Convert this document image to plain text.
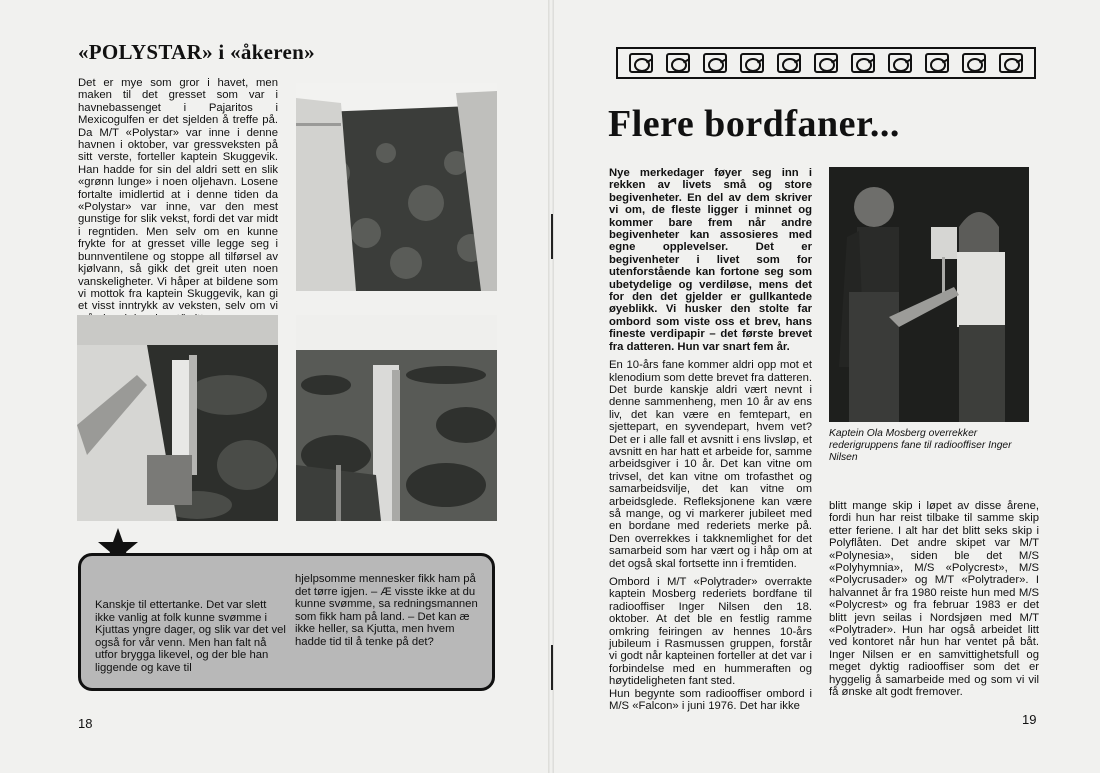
«POLYSTAR» i «åkeren»
Det er mye som gror i havet, men maken til det gresset som var i havnebassenget i Pajaritos i Mexicogulfen er det sjelden å treffe på. Da M/T «Polystar» var inne i denne havnen i oktober, var gressveksten på sitt verste, forteller kaptein Skuggevik. Han hadde for sin del aldri sett en slik «grønn lunge» i noen oljehavn. Losene fortalte imidlertid at i denne tiden da «Polystar» var inne, var den mest gunstige for slik vekst, fordi det var midt i regntiden. Men selv om en kunne frykte for at gresset ville legge seg i bunnventilene og stoppe all tilførsel av kjølvann, så gikk det greit uten noen vanskeligheter. Vi håper at bildene som vi mottok fra kaptein Skuggevik, kan gi et visst inntrykk av veksten, selv om vi
Kanskje til ettertanke. Det var slett ikke vanlig at folk kunne svømme i Kjuttas yngre dager, og slik var det vel også for vår venn. Men han falt nå utfor brygga likevel, og der ble han liggende og kave til
hjelpsomme mennesker fikk ham på det tørre igjen. – Æ visste ikke at du kunne svømme, sa redningsmannen som fikk ham på land. – Det kan æ ikke heller, sa Kjutta, men hvem hadde tid til å tenke på det?
18
Flere bordfaner...

Nye merkedager føyer seg inn i rekken av livets små og store begivenheter. En del av dem skriver vi om, de fleste ligger i minnet og kommer bare frem når andre begivenheter kan assosieres med egne opplevelser. Det er begivenheter i livet som for utenforstående kan fortone seg som ubetydelige og verdiløse, mens det for den det gjelder er gullkantede øyeblikk. Vi husker den stolte far ombord som viste oss et brev, hans fineste verdipapir – det første brevet fra datteren. Hun var snart fem år.

En 10-års fane kommer aldri opp mot et klenodium som dette brevet fra datteren. Det burde kanskje aldri vært nevnt i denne sammenheng, men 10 år av ens liv, det kan være en femtepart, en sjettepart, en syvendepart, hvem vet? Det er i alle fall et avsnitt i ens livsløp, et avsnitt en har hatt et arbeide for, samme arbeidsgiver i 10 år. Det kan vitne om trivsel, det kan vitne om trofasthet og samarbeidsvilje, det kan vitne om arbeidsglede. Refleksjonene kan være så mange, og vi markerer jubileet med en bordane med rederiets merke på. Den overrekkes i takknemlighet for det samarbeid som har vært og i håp om at det også skal fortsette inn i fremtiden.

Ombord i M/T «Polytrader» overrakte kaptein Mosberg rederiets bordfane til radiooffiser Inger Nilsen den 18. oktober. At det ble en festlig ramme omkring feiringen av hennes 10-års jubileum i Rasmussen gruppen, forstår vi godt når kapteinen forteller at det var i forbindelse med en hummeraften og høytideligheten fant sted.

Hun begynte som radiooffiser ombord i M/S «Falcon» i juni 1976. Det har ikke

Kaptein Ola Mosberg overrekker rederigruppens fane til radiooffiser Inger Nilsen
blitt mange skip i løpet av disse årene, fordi hun har reist tilbake til samme skip etter feriene. I alt har det blitt seks skip i Polyflåten. Det andre skipet var M/T «Polynesia», siden ble det M/S «Polyhymnia», M/S «Polycrest», M/S «Polycrusader» og M/T «Polytrader». I halvannet år fra 1980 reiste hun med M/S «Polycrest» og fra februar 1983 er det blitt jevn seilas i Nordsjøen med M/T «Polytrader». Hun har også arbeidet litt ved kontoret når hun har ventet på båt. Inger Nilsen er en samvittighetsfull og meget dyktig radiooffiser som det er hyggelig å samarbeide med og som vi vil få ønske alt godt fremover.
19
